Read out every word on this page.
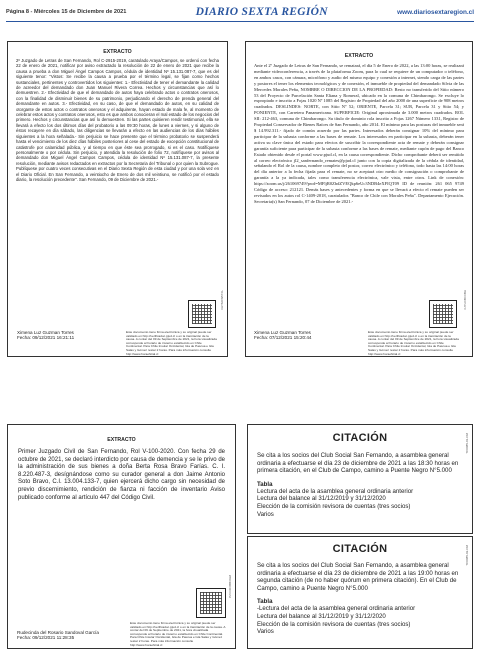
Página 8 - Miércoles 15 de Diciembre de 2021	DIARIO SEXTA REGIÓN	www.diariosextaregion.cl
EXTRACTO
2º Juzgado de Letras de San Fernando, Rol C-2915-2019, caratulado Araya/Campos, se ordenó con fecha 22 de enero de 2021, notificar por aviso extractado la resolución de 22 de enero de 2021 que recibe la causa a prueba a don Miguel Ángel Campos Campos, cédula de identidad Nº 15.131.087-7, que es del siguiente tenor: "Vistos: Se recibe la causa a prueba por el término legal, se fijan como hechos sustanciales, pertinentes y controvertidos los siguientes: 1.- Efectividad de tener el demandante la calidad de acreedor del demandado don Juan Manuel Rivera Correa. Hechos y circunstancias que así lo demuestren. 2.- Efectividad de que el demandado de autos haya celebrado actos o contratos onerosos, con la finalidad de disminuir bienes de su patrimonio, perjudicando el derecho de prenda general del demandante en autos. 3.- Efectividad, en su caso, de que el demandado de autos, en su calidad de otorgante de estos actos o contratos onerosos y el adquirente, hayan estado de mala fe, al momento de celebrar estos actos y contratos onerosos, esto es que ambos conocieran el mal estado de los negocios del primero. Hechos y circunstancias que así lo demuestren. Si las partes quisieren rendir testimonial, ella se llevará a efecto los dos últimos días del probatorio a las 09:30 horas, de lunes a viernes, y si alguno de éstos recayere en día sábado, las diligencias se llevarán a efecto en las audiencias de los días hábiles siguientes a la hora señalada.- Sin perjuicio se hace presente que el término probatorio se suspenderá hasta el vencimiento de los diez días hábiles posteriores al cese del estado de excepción constitucional de catástrofe por calamidad pública, y al tiempo en que éste sea prorrogado, si es el caso. Notifíquese personalmente o por cédula. Sin perjuicio, y atendida la resolución de folio 72, notifíquese por avisos al demandado don Miguel Ángel Campos Campos, cédula de identidad Nº 15.131.087-7, la presente resolución, mediante avisos redactados en extractos por la Secretaria del Tribunal o por quien la Subrogue. Publíquese por cuatro veces consecutivas en el Diario Sexta Región de esta ciudad y por una sola vez en el Diario Oficial. En San Fernando, a veintiocho de Enero de dos mil veintiuno, se notificó por el estado diario, la resolución precedente". San Fernando, 09 de Diciembre de 2021.-
Ximena Luz Guzman Torres
Fecha: 09/12/2021 16:21:11
Este documento tiene firma electrónica y su original puede ser validado en http://verificadoc.pjud.cl o en la tramitación de la causa. A contar del 09 de Septiembre de 2021, la hora visualizada corresponde al horario de invierno establecido en Chile Continental. Para Chile Insular Occidental, Isla de Pascua e Isla Salas y Gómez restar 2 horas. Para más información consulte http://www.horaoficial.cl
XHTMXSBTXL
EXTRACTO
Ante el 2º Juzgado de Letras de San Fernando, se rematará, el día 5 de Enero de 2022, a las 13:00 horas, se realizará mediante videoconferencia, a través de la plataforma Zoom, para lo cual se requiere de un computador o teléfono, en ambos casos, con cámara, micrófono y audio del mismo equipo y conexión a internet, siendo carga de las partes y postores el tener los elementos tecnológicos y de conexión, el inmueble de propiedad del demandado Silvia de las Mercedes Morales Peña, NOMBRE O DIRECCION DE LA PROPIEDAD: Resto no transferido del Sitio número 53 del Proyecto de Parcelación Santa Eliana y Romeral, ubicado en la comuna de Chimbarongo. Se excluye lo expropiado e inscrito a Fojas 1020 Nº 1085 del Registro de Propiedad del año 2000 de una superficie de 908 metros cuadrados. DESLINDES: NORTE, con Sitio Nº 52; ORIENTE, Parcela 31; SUR, Parcela 31 y Sitio 54; y PONIENTE, con Carretera Panamericana. SUPERFICIE: Original aproximada de 3.000 metros cuadrados. ROL SII: 212-463, comuna de Chimbarongo. Su título de dominio rola inscrito a Fojas 1267 Número 1331, Registro de Propiedad Conservador de Bienes Raíces de San Fernando, año 2014. El mínimo para las posturas del inmueble será $ 14.992.311.- fijado de común acuerdo por las partes. Interesados deberán consignar 10% del mínimo para participar de la subasta conforme a las bases de remate. Los interesados en participar en la subasta, deberán tener activa su clave única del estado para efectos de suscribir la correspondiente acta de remate y deberán consignar garantía suficiente para participar de la subasta conforme a las bases de remate, mediante cupón de pago del Banco Estado obtenido desde el portal www.pjud.cl, en la causa correspondiente. Dicho comprobante deberá ser remitido al correo electrónico jl2_sanfernando_remates@pjud.cl junto con la copia digitalizada de la cédula de identidad, señalando el Rol de la causa, nombre completo del postor, correo electrónico y teléfono, todo hasta las 14:00 horas del día anterior a la fecha fijada para el remate, no se aceptará otro medio de consignación o comprobante de garantía a la ya indicada, tales como transferencia electrónica, vale vista, entre otros. Link de conexión: https://zoom.us/j/261069749?pwd=MFljR0ZbdZVEQkp6eUc3NDB4eXFIQT09 ID de reunión: 261 065 9749 Código de acceso: 212121. Demás bases y antecedentes y forma en que se llevará a efecto el remate pueden ser revisados en los autos rol C-1409-2018, caratulados "Banco de Chile con Morales Peña". Departamento Ejecución. Secretaria(s) San Fernando, 07 de Diciembre de 2021.-
Ximena Luz Guzman Torres
Fecha: 07/12/2021 15:20:44
Este documento tiene firma electrónica y su original puede ser validado en http://verificadoc.pjud.cl o en la tramitación de la causa. A contar del 09 de Septiembre de 2021, la hora visualizada corresponde al horario de invierno establecido en Chile Continental. Para Chile Insular Occidental, Isla de Pascua e Isla Salas y Gómez restar 2 horas. Para más información consulte http://www.horaoficial.cl
XJYHXBXXBH
EXTRACTO
Primer Juzgado Civil de San Fernando, Rol V-100-2020. Con fecha 29 de octubre de 2021, se declaró interdicto por causa de demencia y se le privo de la administración de sus bienes a doña Berta Rosa Bravo Farías. C. I. 8.220.487-3, desígnándose como su curador general a don Jaime Antonio Soto Bravo, C.I. 13.004.133-7, quien ejercerá dicho cargo sin necesidad de previo discernimiento, rendición de fianza ni facción de inventario Aviso publicado conforme al artículo 447 del Código Civil.
Rudecinda del Rosario Sandoval García
Fecha: 09/12/2021 11:28:35
Este documento tiene firma electrónica y su original puede ser validado en http://verificadoc.pjud.cl o en la tramitación de la causa. A contar del 09 de Septiembre de 2021, la hora visualizada corresponde al horario de invierno establecido en Chile Continental. Para Chile Insular Occidental, Isla de Pascua e Isla Salas y Gómez restar 2 horas. Para más información consulte http://www.horaoficial.cl
PZXXDXBBXGM
CITACIÓN
Se cita a los socios del Club Social San Fernando, a asamblea general ordinaria a efectuarse el día 23 de diciembre de 2021 a las 18:30 horas en primera citación, en el Club de Campo, camino a Puente Negro N°5.000
Tabla
Lectura del acta de la asamblea general ordinaria anterior
Lectura del balance al 31/12/2019 y 31/12/2020
Elección de la comisión revisora de cuentas (tres socios)
Varios
TC0085-01-CM
CITACIÓN
Se cita a los socios del Club Social San Fernando, a asamblea general ordinaria a efectuarse el día 23 de diciembre de 2021 a las 19:00 horas en segunda citación (de no haber quórum en primera citación). En el Club de Campo, camino a Puente Negro N°5.000
Tabla
-Lectura del acta de la asamblea general ordinaria anterior
Lectura del balance al 31/12/2019 y 31/12/2020
Elección de la comisión revisora de cuentas (tres socios)
Varios
TC0085-02-CM
